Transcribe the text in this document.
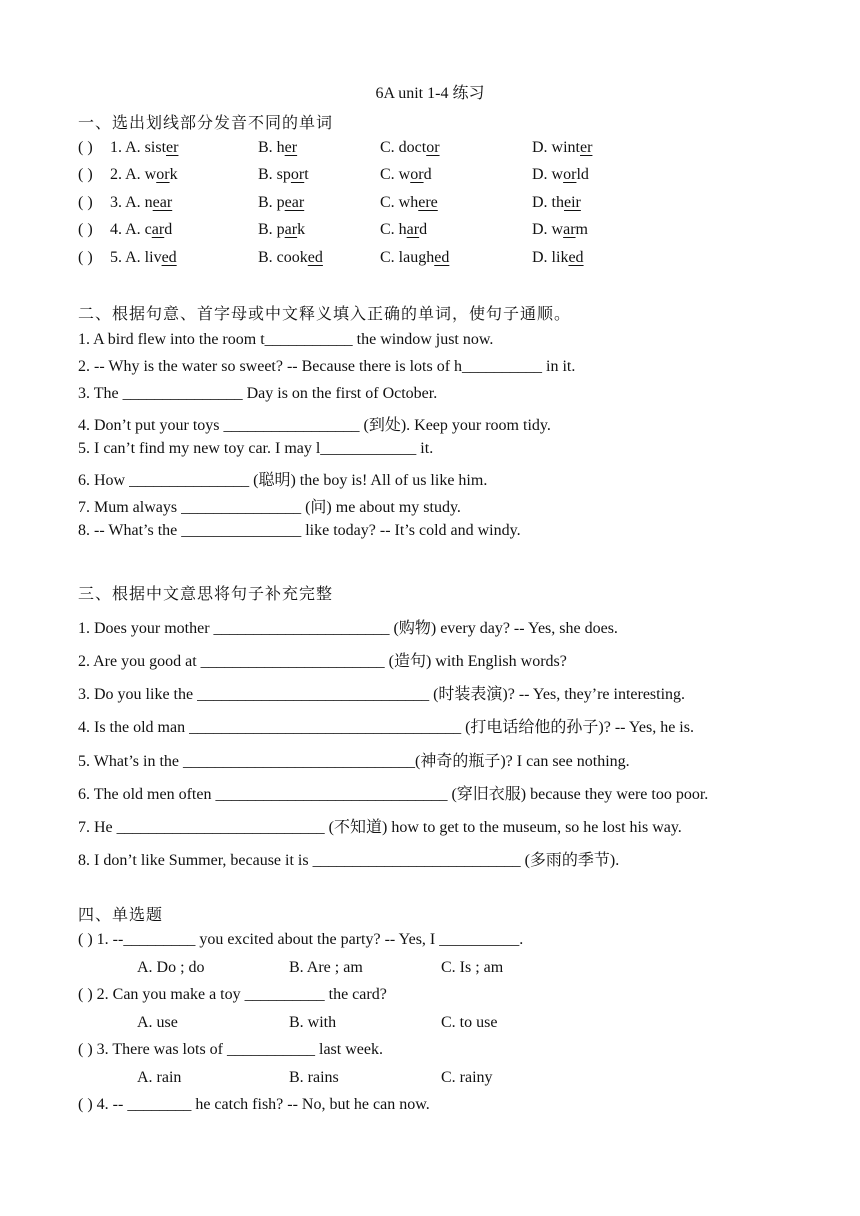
6A unit 1-4 练习
一、选出划线部分发音不同的单词
( ) 1. A. sister	B. her	C. doctor	D. winter
( ) 2. A. work	B. sport	C. word	D. world
( ) 3. A. near	B. pear	C. where	D. their
( ) 4. A. card	B. park	C. hard	D. warm
( ) 5. A. lived	B. cooked	C. laughed	D. liked
二、根据句意、首字母或中文释义填入正确的单词，使句子通顺。
1. A bird flew into the room t___________ the window just now.
2. -- Why is the water so sweet? -- Because there is lots of h__________ in it.
3. The _______________ Day is on the first of October.
4. Don’t put your toys _________________ (到处). Keep your room tidy.
5. I can’t find my new toy car. I may l____________ it.
6. How _______________ (聪明) the boy is! All of us like him.
7. Mum always _______________ (问) me about my study.
8. -- What’s the _______________ like today? -- It’s cold and windy.
三、根据中文意思将句子补充完整
1. Does your mother ______________________ (购物) every day? -- Yes, she does.
2. Are you good at _______________________ (造句) with English words?
3. Do you like the _____________________________ (时装表演)? -- Yes, they’re interesting.
4. Is the old man __________________________________ (打电话给他的孙子)? -- Yes, he is.
5. What’s in the _____________________________(神奇的瓶子)? I can see nothing.
6. The old men often _____________________________ (穿旧衣服) because they were too poor.
7. He __________________________ (不知道) how to get to the museum, so he lost his way.
8. I don’t like Summer, because it is __________________________ (多雨的季节).
四、单选题
( ) 1. --_________ you excited about the party? -- Yes, I __________.
A. Do ; do	B. Are ; am	C. Is ; am
( ) 2. Can you make a toy __________ the card?
A. use	B. with	C. to use
( ) 3. There was lots of ___________ last week.
A. rain	B. rains	C. rainy
( ) 4. -- ________ he catch fish? -- No, but he can now.
